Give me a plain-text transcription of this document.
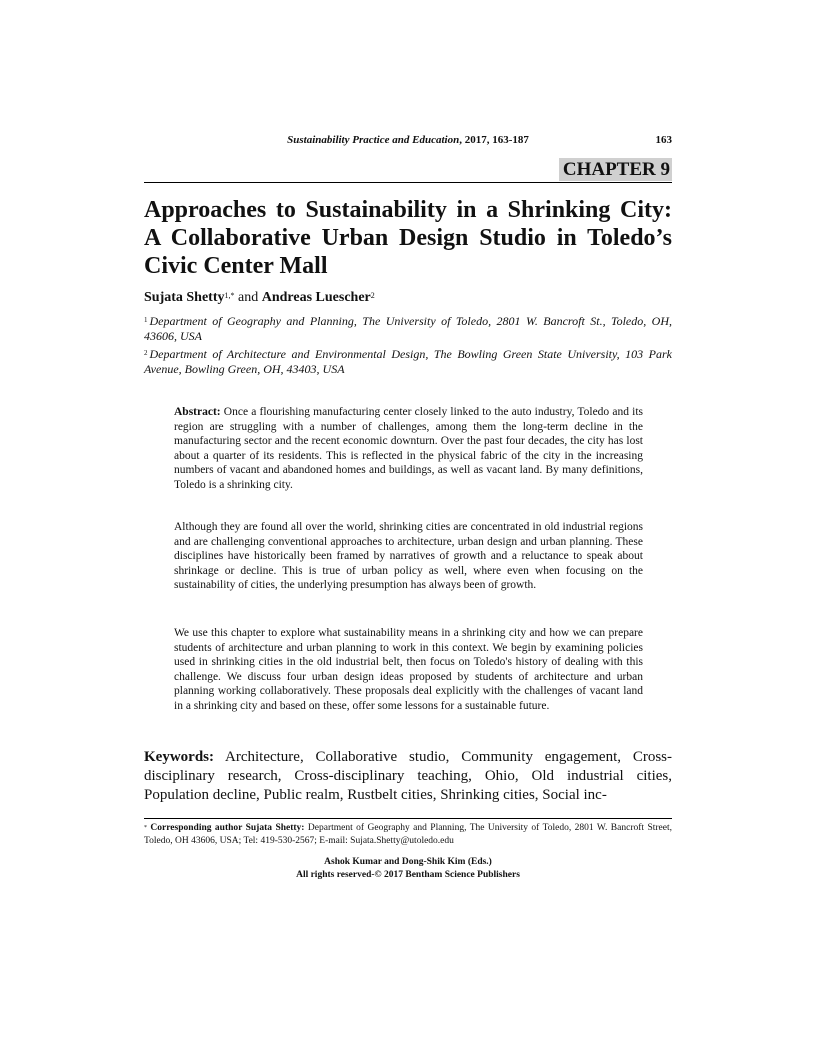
Sustainability Practice and Education, 2017, 163-187	163
CHAPTER 9
Approaches to Sustainability in a Shrinking City:
A Collaborative Urban Design Studio in Toledo’s
Civic Center Mall
Sujata Shetty$^{1,*}$ and Andreas Luescher$^2$
$^1$ Department of Geography and Planning, The University of Toledo, 2801 W. Bancroft St., Toledo, OH, 43606, USA
$^2$ Department of Architecture and Environmental Design, The Bowling Green State University, 103 Park Avenue, Bowling Green, OH, 43403, USA

Abstract: Once a flourishing manufacturing center closely linked to the auto industry, Toledo and its region are struggling with a number of challenges, among them the long-term decline in the manufacturing sector and the recent economic downturn. Over the past four decades, the city has lost about a quarter of its residents. This is reflected in the physical fabric of the city in the increasing numbers of vacant and abandoned homes and buildings, as well as vacant land. By many definitions, Toledo is a shrinking city.

Although they are found all over the world, shrinking cities are concentrated in old industrial regions and are challenging conventional approaches to architecture, urban design and urban planning. These disciplines have historically been framed by narratives of growth and a reluctance to speak about shrinkage or decline. This is true of urban policy as well, where even when focusing on the sustainability of cities, the underlying presumption has always been of growth.

We use this chapter to explore what sustainability means in a shrinking city and how we can prepare students of architecture and urban planning to work in this context. We begin by examining policies used in shrinking cities in the old industrial belt, then focus on Toledo's history of dealing with this challenge. We discuss four urban design ideas proposed by students of architecture and urban planning working collaboratively. These proposals deal explicitly with the challenges of vacant land in a shrinking city and based on these, offer some lessons for a sustainable future.

Keywords: Architecture, Collaborative studio, Community engagement, Cross-disciplinary research, Cross-disciplinary teaching, Ohio, Old industrial cities, Population decline, Public realm, Rustbelt cities, Shrinking cities, Social inc-
* Corresponding author Sujata Shetty: Department of Geography and Planning, The University of Toledo, 2801 W. Bancroft Street, Toledo, OH 43606, USA; Tel: 419-530-2567; E-mail: Sujata.Shetty@utoledo.edu
Ashok Kumar and Dong-Shik Kim (Eds.)
All rights reserved-© 2017 Bentham Science Publishers
